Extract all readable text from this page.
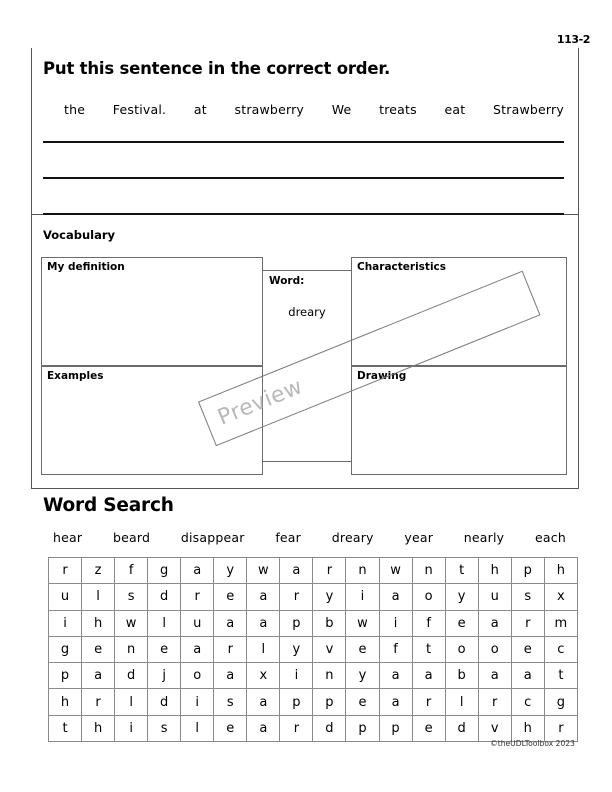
113-2
Put this sentence in the correct order.
the Festival. at strawberry We treats eat Strawberry
Vocabulary
My definition	Characteristics
Examples	Drawing
Word:
dreary
Preview
Word Search
hear beard disappear fear dreary year nearly each
r	z	f	g	a	y	w	a	r	n	w	n	t	h	p	h
u	l	s	d	r	e	a	r	y	i	a	o	y	u	s	x
i	h	w	l	u	a	a	p	b	w	i	f	e	a	r	m
g	e	n	e	a	r	l	y	v	e	f	t	o	o	e	c
p	a	d	j	o	a	x	i	n	y	a	a	b	a	a	t
h	r	l	d	i	s	a	p	p	e	a	r	l	r	c	g
t	h	i	s	l	e	a	r	d	p	p	e	d	v	h	r
©theUDLToolbox 2023
